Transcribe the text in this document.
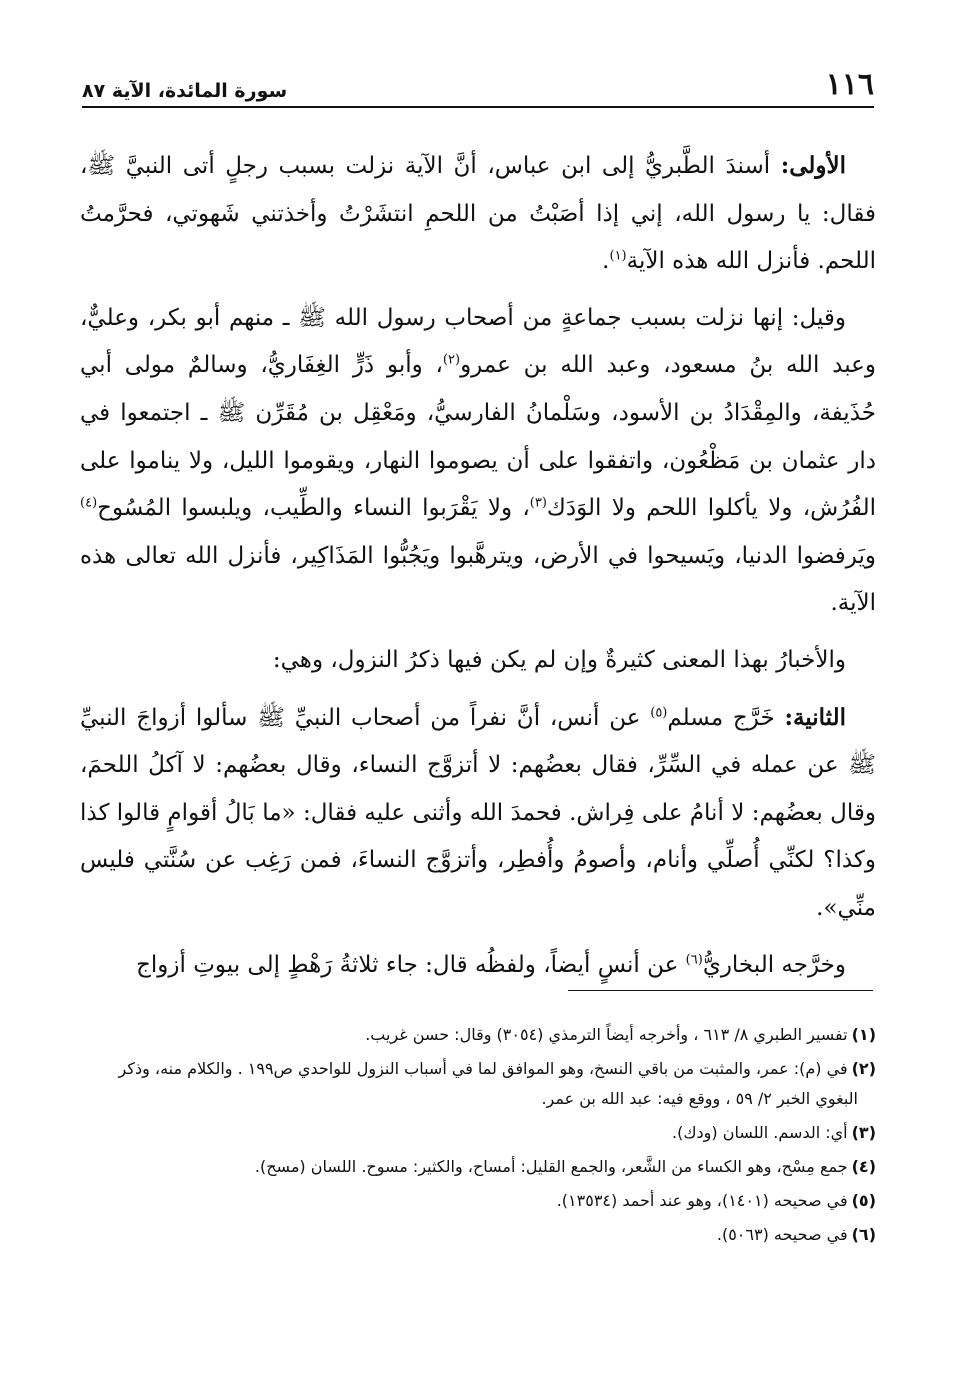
١١٦
سورة المائدة، الآية ٨٧

الأولى: أسندَ الطَّبريُّ إلى ابن عباس، أنَّ الآية نزلت بسبب رجلٍ أتى النبيَّ ﷺ، فقال: يا رسول الله، إني إذا أصَبْتُ من اللحمِ انتشَرْتُ وأخذتني شَهوتي، فحرَّمتُ اللحم. فأنزل الله هذه الآية$^{(١)}$.

وقيل: إنها نزلت بسبب جماعةٍ من أصحاب رسول الله ﷺ ـ منهم أبو بكر، وعليٌّ، وعبد الله بنُ مسعود، وعبد الله بن عمرو$^{(٢)}$، وأبو ذَرٍّ الغِفَاريُّ، وسالمٌ مولى أبي حُذَيفة، والمِقْدَادُ بن الأسود، وسَلْمانُ الفارسيُّ، ومَعْقِل بن مُقَرِّن ﷺ ـ اجتمعوا في دار عثمان بن مَظْعُون، واتفقوا على أن يصوموا النهار، ويقوموا الليل، ولا يناموا على الفُرُش، ولا يأكلوا اللحم ولا الوَدَك$^{(٣)}$، ولا يَقْرَبوا النساء والطِّيب، ويلبسوا المُسُوح$^{(٤)}$ ويَرفضوا الدنيا، ويَسيحوا في الأرض، ويترهَّبوا ويَجُبُّوا المَذَاكِير، فأنزل الله تعالى هذه الآية.

والأخبارُ بهذا المعنى كثيرةٌ وإن لم يكن فيها ذكرُ النزول، وهي:

الثانية: خَرَّج مسلم$^{(٥)}$ عن أنس، أنَّ نفراً من أصحاب النبيِّ ﷺ سألوا أزواجَ النبيِّ ﷺ عن عمله في السِّرِّ، فقال بعضُهم: لا أتزوَّج النساء، وقال بعضُهم: لا آكلُ اللحمَ، وقال بعضُهم: لا أنامُ على فِراش. فحمدَ الله وأثنى عليه فقال: «ما بَالُ أقوامٍ قالوا كذا وكذا؟ لكنِّي أُصلِّي وأنام، وأصومُ وأُفطِر، وأتزوَّج النساءَ، فمن رَغِب عن سُنَّتي فليس منِّي».

وخرَّجه البخاريُّ$^{(٦)}$ عن أنسٍ أيضاً، ولفظُه قال: جاء ثلاثةُ رَهْطٍ إلى بيوتِ أزواج

(١)تفسير الطبري ٨/ ٦١٣ ، وأخرجه أيضاً الترمذي (٣٠٥٤) وقال: حسن غريب.

(٢)في (م): عمر، والمثبت من باقي النسخ، وهو الموافق لما في أسباب النزول للواحدي ص١٩٩ . والكلام منه، وذكر البغوي الخبر ٢/ ٥٩ ، ووقع فيه: عبد الله بن عمر.

(٣)أي: الدسم. اللسان (ودك).

(٤)جمع مِسْح، وهو الكساء من الشَّعر، والجمع القليل: أمساح، والكثير: مسوح. اللسان (مسح).

(٥)في صحيحه (١٤٠١)، وهو عند أحمد (١٣٥٣٤).

(٦)في صحيحه (٥٠٦٣).
